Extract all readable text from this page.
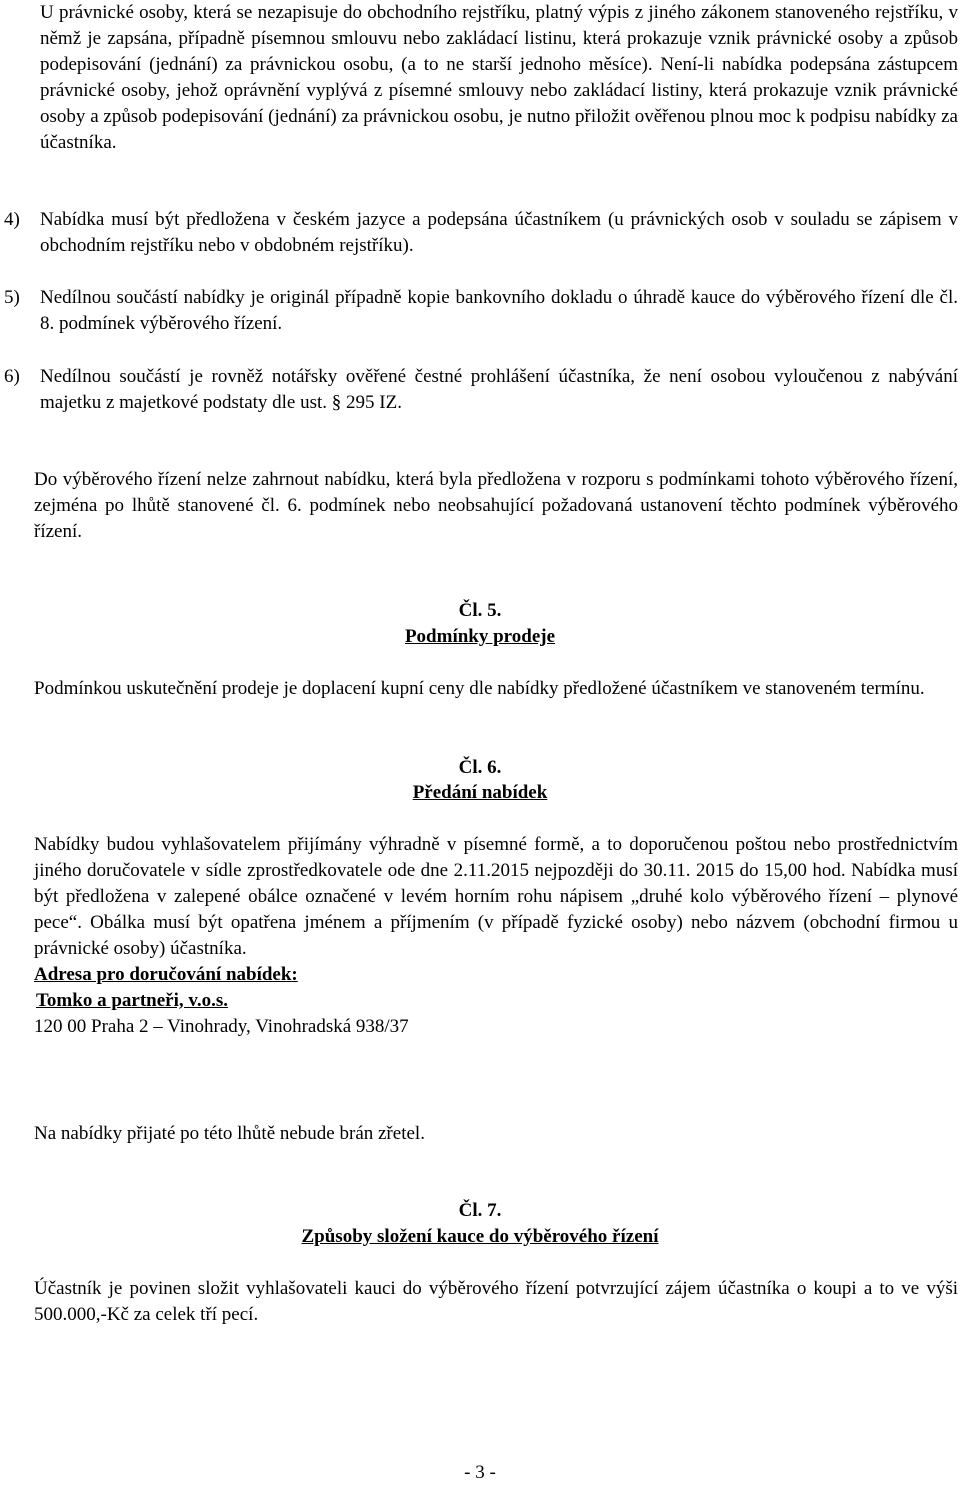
U právnické osoby, která se nezapisuje do obchodního rejstříku, platný výpis z jiného zákonem stanoveného rejstříku, v němž je zapsána, případně písemnou smlouvu nebo zakládací listinu, která prokazuje vznik právnické osoby a způsob podepisování (jednání) za právnickou osobu, (a to ne starší jednoho měsíce). Není-li nabídka podepsána zástupcem právnické osoby, jehož oprávnění vyplývá z písemné smlouvy nebo zakládací listiny, která prokazuje vznik právnické osoby a způsob podepisování (jednání) za právnickou osobu, je nutno přiložit ověřenou plnou moc k podpisu nabídky za účastníka.

4) Nabídka musí být předložena v českém jazyce a podepsána účastníkem (u právnických osob v souladu se zápisem v obchodním rejstříku nebo v obdobném rejstříku).
5) Nedílnou součástí nabídky je originál případně kopie bankovního dokladu o úhradě kauce do výběrového řízení dle čl. 8. podmínek výběrového řízení.
6) Nedílnou součástí je rovněž notářsky ověřené čestné prohlášení účastníka, že není osobou vyloučenou z nabývání majetku z majetkové podstaty dle ust. § 295 IZ.

Do výběrového řízení nelze zahrnout nabídku, která byla předložena v rozporu s podmínkami tohoto výběrového řízení, zejména po lhůtě stanovené čl. 6. podmínek nebo neobsahující požadovaná ustanovení těchto podmínek výběrového řízení.

Čl. 5.

Podmínky prodeje

Podmínkou uskutečnění prodeje je doplacení kupní ceny dle nabídky předložené účastníkem ve stanoveném termínu.

Čl. 6.

Předání nabídek

Nabídky budou vyhlašovatelem přijímány výhradně v písemné formě, a to doporučenou poštou nebo prostřednictvím jiného doručovatele v sídle zprostředkovatele ode dne 2.11.2015 nejpozději do 30.11. 2015 do 15,00 hod. Nabídka musí být předložena v zalepené obálce označené v levém horním rohu nápisem „druhé kolo výběrového řízení – plynové pece“. Obálka musí být opatřena jménem a příjmením (v případě fyzické osoby) nebo názvem (obchodní firmou u právnické osoby) účastníka.

Adresa pro doručování nabídek:

Tomko a partneři, v.o.s.

120 00 Praha 2 – Vinohrady, Vinohradská 938/37

Na nabídky přijaté po této lhůtě nebude brán zřetel.

Čl. 7.

Způsoby složení kauce do výběrového řízení

Účastník je povinen složit vyhlašovateli kauci do výběrového řízení potvrzující zájem účastníka o koupi a to ve výši 500.000,-Kč za celek tří pecí.

- 3 -
